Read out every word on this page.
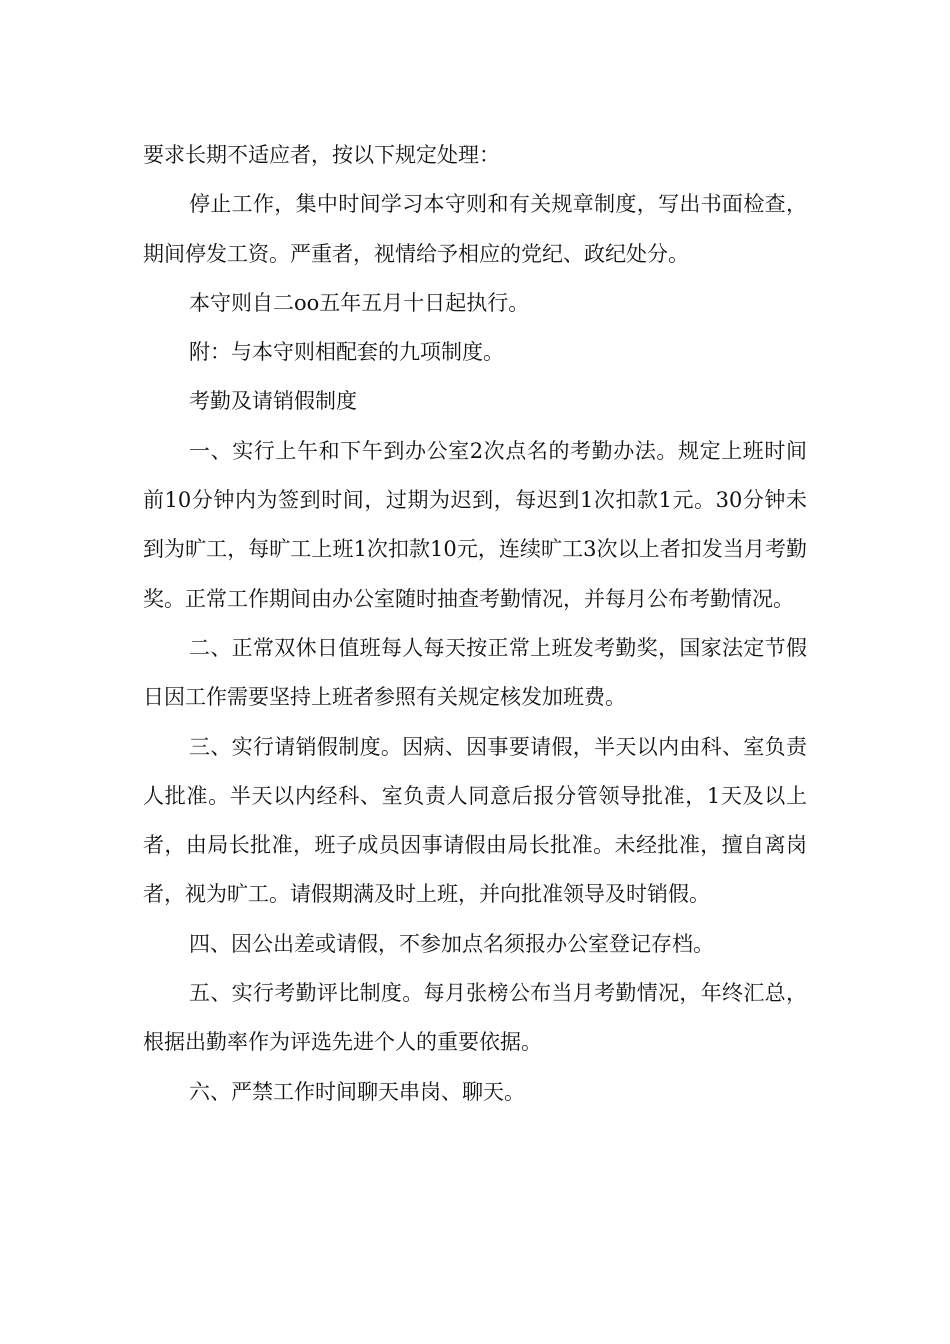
要求长期不适应者，按以下规定处理：

停止工作，集中时间学习本守则和有关规章制度，写出书面检查，期间停发工资。严重者，视情给予相应的党纪、政纪处分。

本守则自二oo五年五月十日起执行。

附：与本守则相配套的九项制度。

考勤及请销假制度

一、实行上午和下午到办公室2次点名的考勤办法。规定上班时间前10分钟内为签到时间，过期为迟到，每迟到1次扣款1元。30分钟未到为旷工，每旷工上班1次扣款10元，连续旷工3次以上者扣发当月考勤奖。正常工作期间由办公室随时抽查考勤情况，并每月公布考勤情况。

二、正常双休日值班每人每天按正常上班发考勤奖，国家法定节假日因工作需要坚持上班者参照有关规定核发加班费。

三、实行请销假制度。因病、因事要请假，半天以内由科、室负责人批准。半天以内经科、室负责人同意后报分管领导批准，1天及以上者，由局长批准，班子成员因事请假由局长批准。未经批准，擅自离岗者，视为旷工。请假期满及时上班，并向批准领导及时销假。

四、因公出差或请假，不参加点名须报办公室登记存档。

五、实行考勤评比制度。每月张榜公布当月考勤情况，年终汇总，根据出勤率作为评选先进个人的重要依据。

六、严禁工作时间聊天串岗、聊天。
